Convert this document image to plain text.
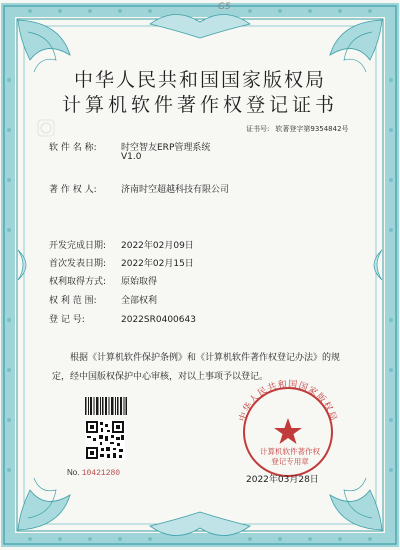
G5
中华人民共和国国家版权局
计算机软件著作权登记证书
证书号: 软著登字第9354842号
软 件 名 称:	时空智友ERP管理系统
V1.0
著 作 权 人:	济南时空超越科技有限公司
开发完成日期: 2022年02月09日
首次发表日期: 2022年02月15日
权利取得方式: 原始取得
权 利 范 围:	全部权利
登 记 号:	2022SR0400643
根据《计算机软件保护条例》和《计算机软件著作权登记办法》的规定，经中国版权保护中心审核，对以上事项予以登记。
No. 10421280
中华人民共和国国家版权局
计算机软件著作权
登记专用章
2022年03月28日
